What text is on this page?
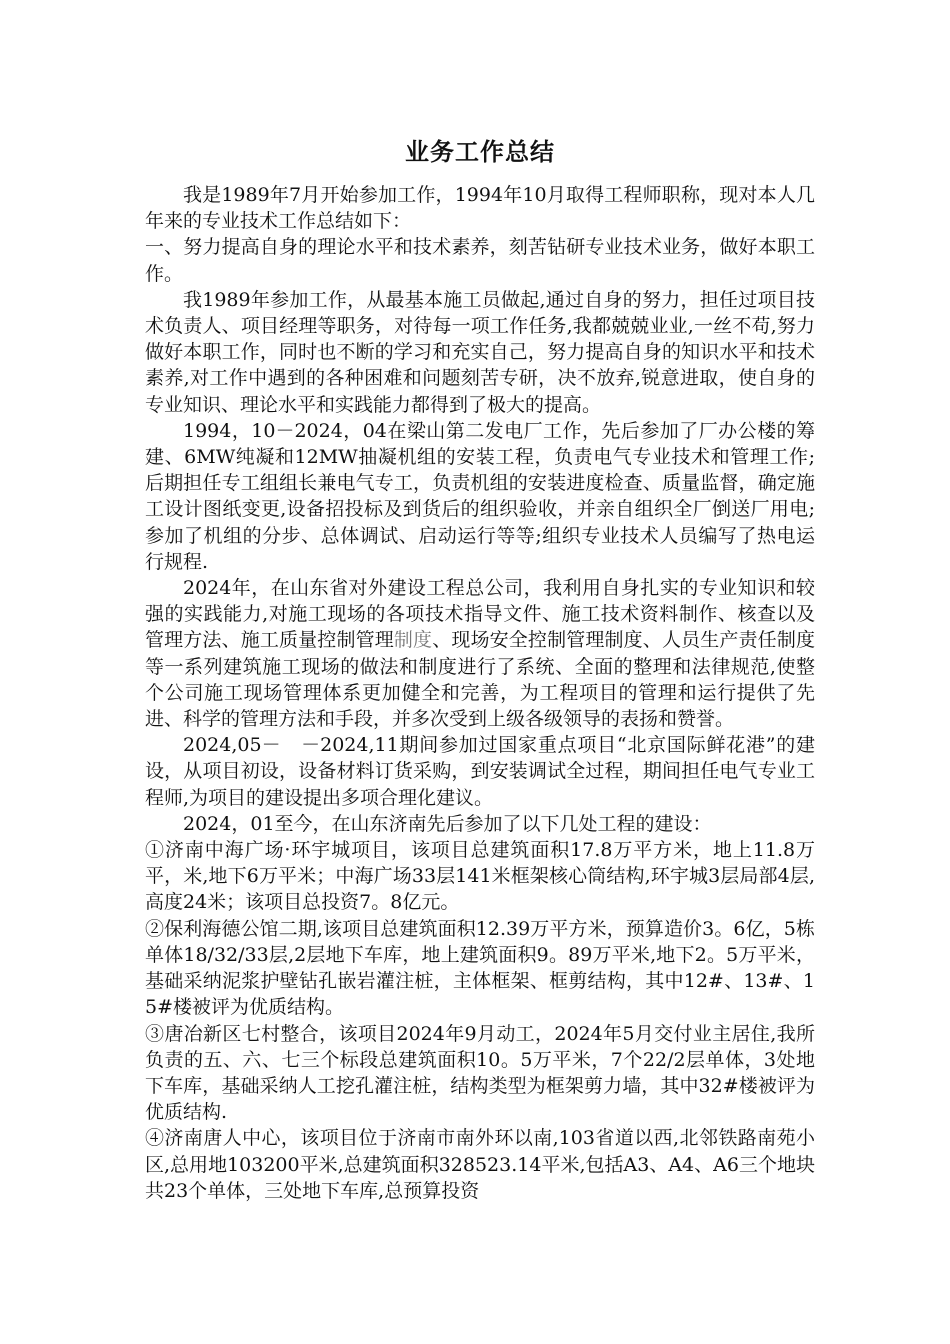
业务工作总结

我是1989年7月开始参加工作，1994年10月取得工程师职称，现对本人几年来的专业技术工作总结如下：

一、努力提高自身的理论水平和技术素养，刻苦钻研专业技术业务，做好本职工作。

我1989年参加工作，从最基本施工员做起,通过自身的努力，担任过项目技术负责人、项目经理等职务，对待每一项工作任务,我都兢兢业业,一丝不苟,努力做好本职工作，同时也不断的学习和充实自己，努力提高自身的知识水平和技术素养,对工作中遇到的各种困难和问题刻苦专研，决不放弃,锐意进取，使自身的专业知识、理论水平和实践能力都得到了极大的提高。

1994，10－2024，04在梁山第二发电厂工作，先后参加了厂办公楼的筹建、6MW纯凝和12MW抽凝机组的安装工程，负责电气专业技术和管理工作;后期担任专工组组长兼电气专工，负责机组的安装进度检查、质量监督，确定施工设计图纸变更,设备招投标及到货后的组织验收，并亲自组织全厂倒送厂用电;参加了机组的分步、总体调试、启动运行等等;组织专业技术人员编写了热电运行规程.

2024年，在山东省对外建设工程总公司，我利用自身扎实的专业知识和较强的实践能力,对施工现场的各项技术指导文件、施工技术资料制作、核查以及管理方法、施工质量控制管理制度、现场安全控制管理制度、人员生产责任制度等一系列建筑施工现场的做法和制度进行了系统、全面的整理和法律规范,使整个公司施工现场管理体系更加健全和完善，为工程项目的管理和运行提供了先进、科学的管理方法和手段，并多次受到上级各级领导的表扬和赞誉。

2024,05－　－2024,11期间参加过国家重点项目“北京国际鲜花港”的建设，从项目初设，设备材料订货采购，到安装调试全过程，期间担任电气专业工程师,为项目的建设提出多项合理化建议。

2024，01至今，在山东济南先后参加了以下几处工程的建设：

①济南中海广场·环宇城项目，该项目总建筑面积17.8万平方米，地上11.8万平，米,地下6万平米；中海广场33层141米框架核心筒结构,环宇城3层局部4层,高度24米；该项目总投资7。8亿元。

②保利海德公馆二期,该项目总建筑面积12.39万平方米，预算造价3。6亿，5栋单体18/32/33层,2层地下车库，地上建筑面积9。89万平米,地下2。5万平米，基础采纳泥浆护壁钻孔嵌岩灌注桩，主体框架、框剪结构，其中12#、13#、15#楼被评为优质结构。

③唐冶新区七村整合，该项目2024年9月动工，2024年5月交付业主居住,我所负责的五、六、七三个标段总建筑面积10。5万平米，7个22/2层单体，3处地下车库，基础采纳人工挖孔灌注桩，结构类型为框架剪力墙，其中32#楼被评为优质结构.

④济南唐人中心，该项目位于济南市南外环以南,103省道以西,北邻铁路南苑小区,总用地103200平米,总建筑面积328523.14平米,包括A3、A4、A6三个地块共23个单体，三处地下车库,总预算投资
